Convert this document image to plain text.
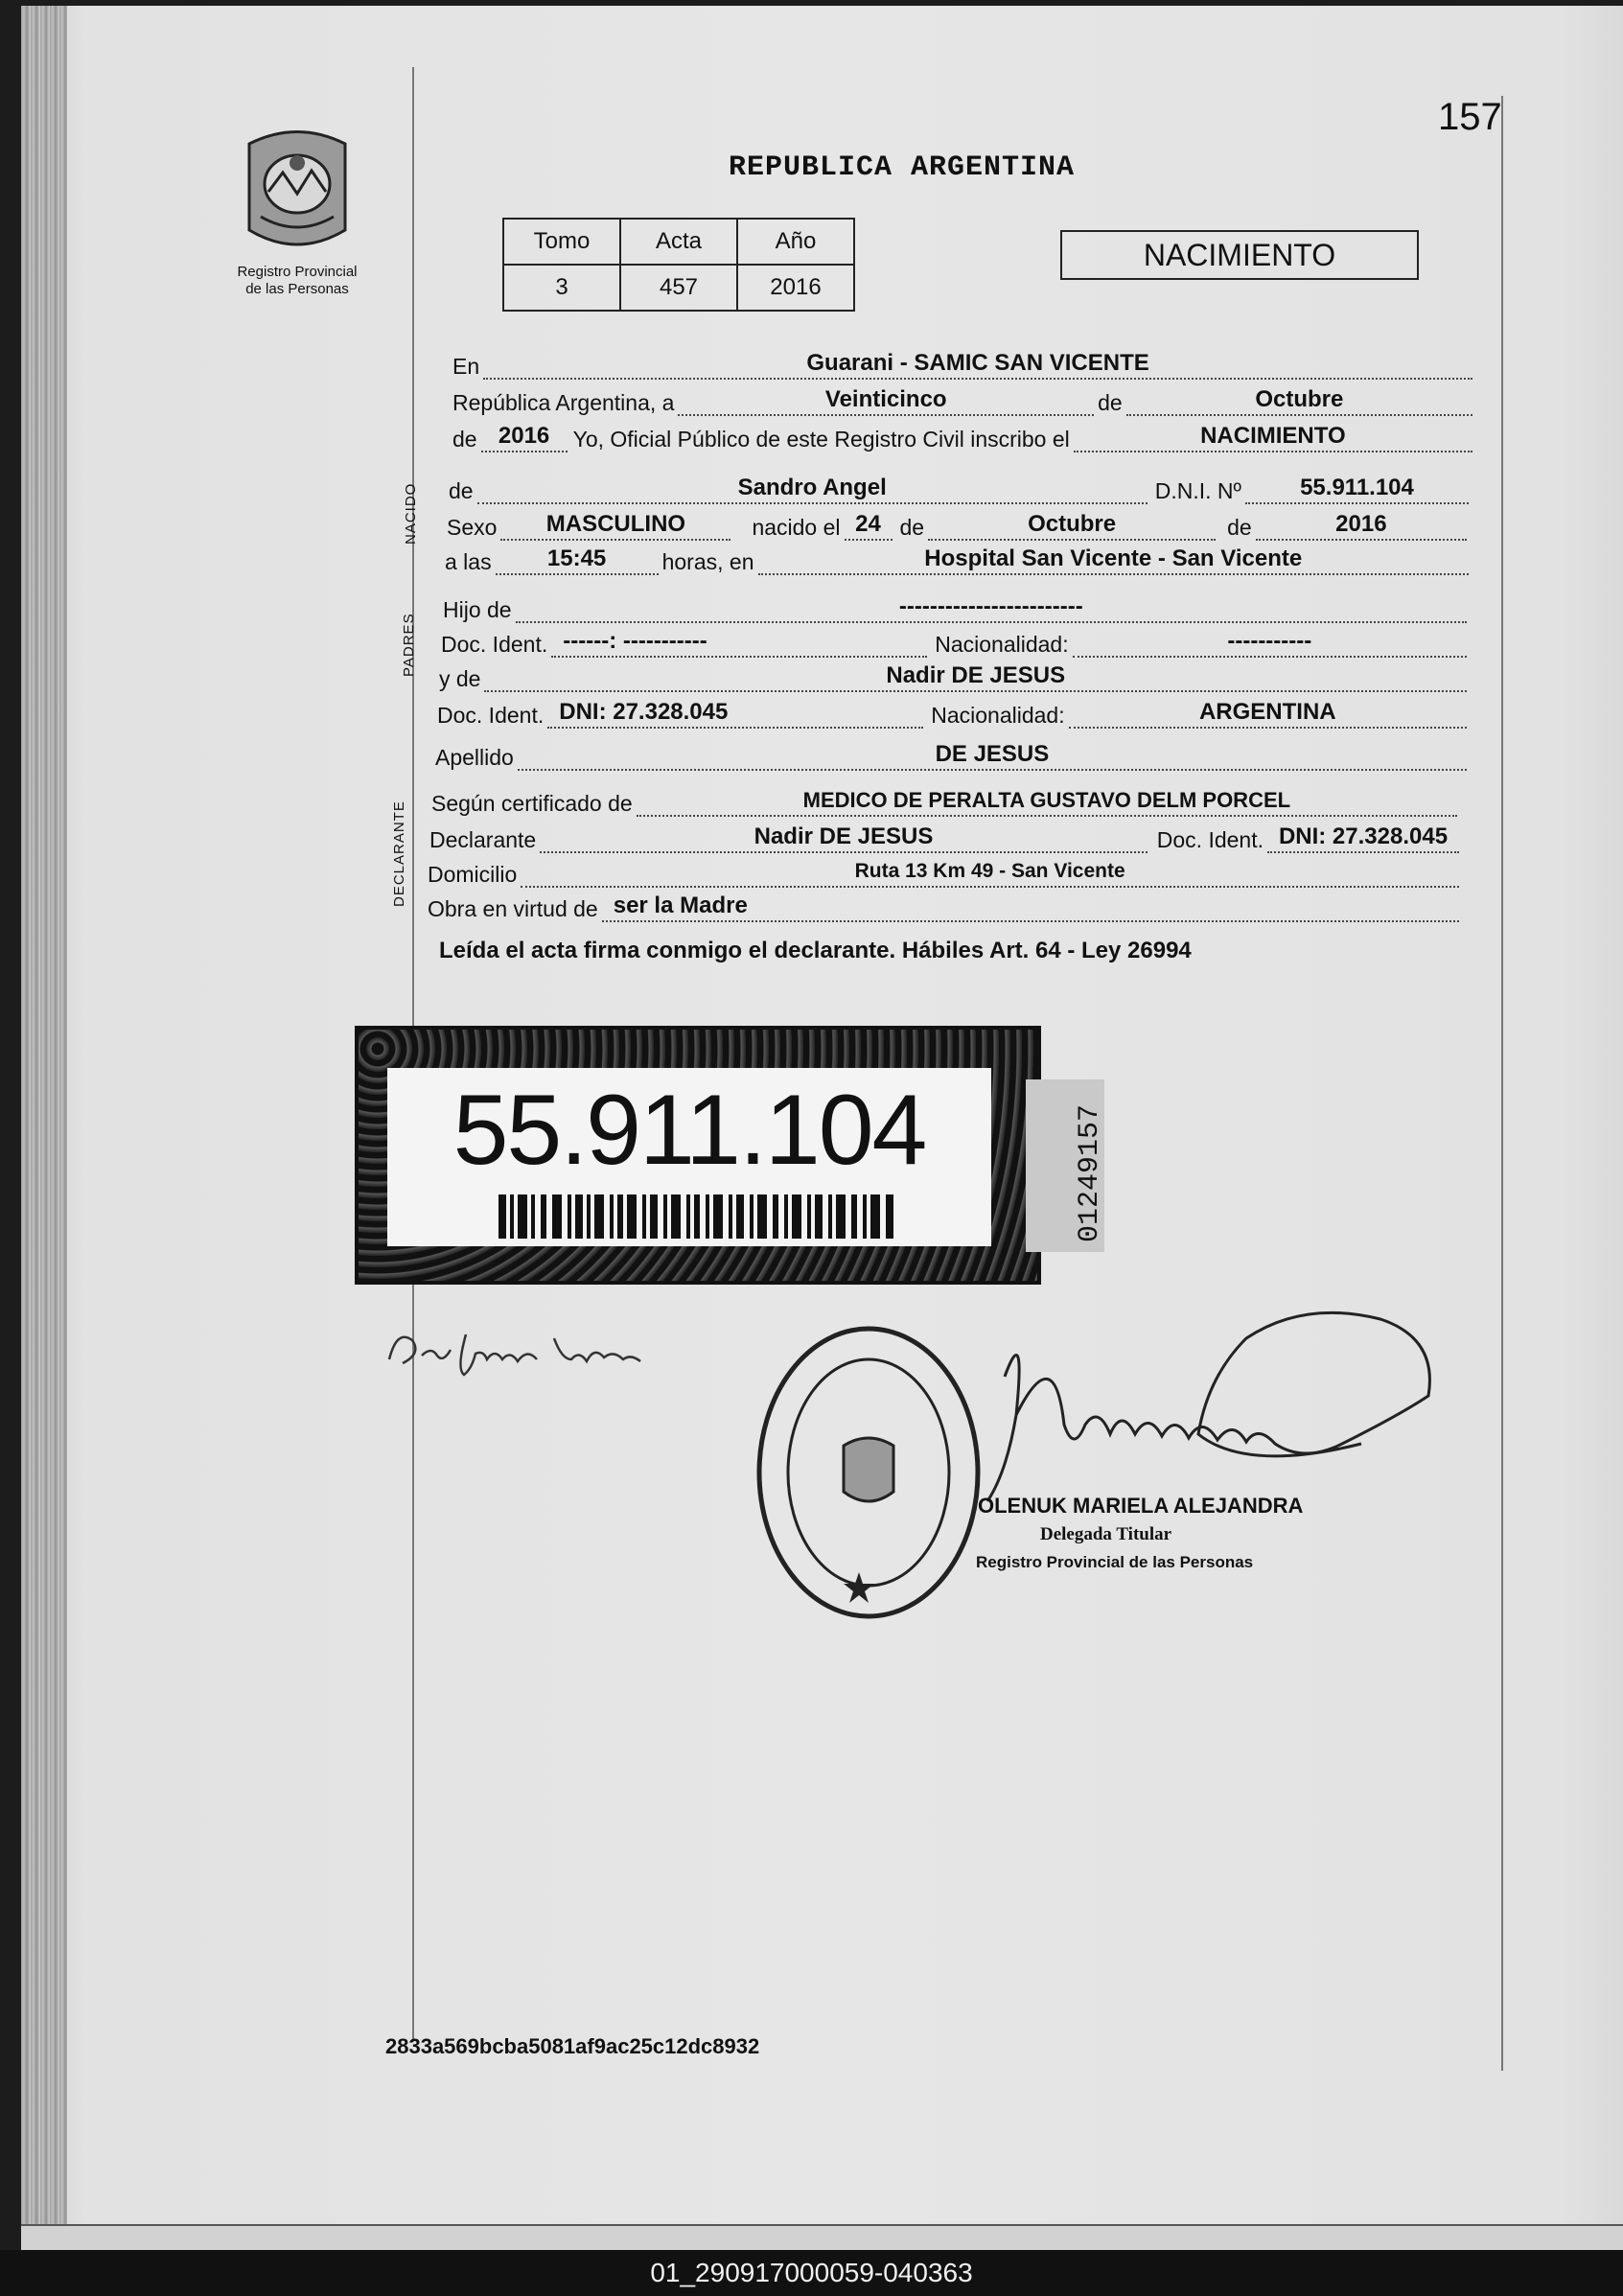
157
Registro Provincial
de las Personas
REPUBLICA ARGENTINA
Tomo	Acta	Año
3	457	2016
NACIMIENTO
En	Guarani - SAMIC SAN VICENTE
República Argentina, a	Veinticinco	de	Octubre
de 2016	Yo, Oficial Público de este Registro Civil inscribo el	NACIMIENTO
NACIDO de	Sandro Angel	D.N.I. Nº	55.911.104
Sexo	MASCULINO	nacido el 24 de	Octubre	de	2016
a las	15:45	horas, en	Hospital San Vicente - San Vicente
PADRES
Hijo de	------------------------
Doc. Ident. ------: -----------	Nacionalidad:	-----------
y de	Nadir DE JESUS
Doc. Ident. DNI: 27.328.045	Nacionalidad:	ARGENTINA
Apellido	DE JESUS
DECLARANTE Según certificado de	MEDICO DE PERALTA GUSTAVO DELM PORCEL
Declarante	Nadir DE JESUS	Doc. Ident. DNI: 27.328.045
Domicilio	Ruta 13 Km 49 - San Vicente
Obra en virtud de ser la Madre
Leída el acta firma conmigo el declarante. Hábiles Art. 64 - Ley 26994
55.911.104	01249157
OLENUK MARIELA ALEJANDRA
Delegada Titular
Registro Provincial de las Personas
2833a569bcba5081af9ac25c12dc8932
01_290917000059-040363
